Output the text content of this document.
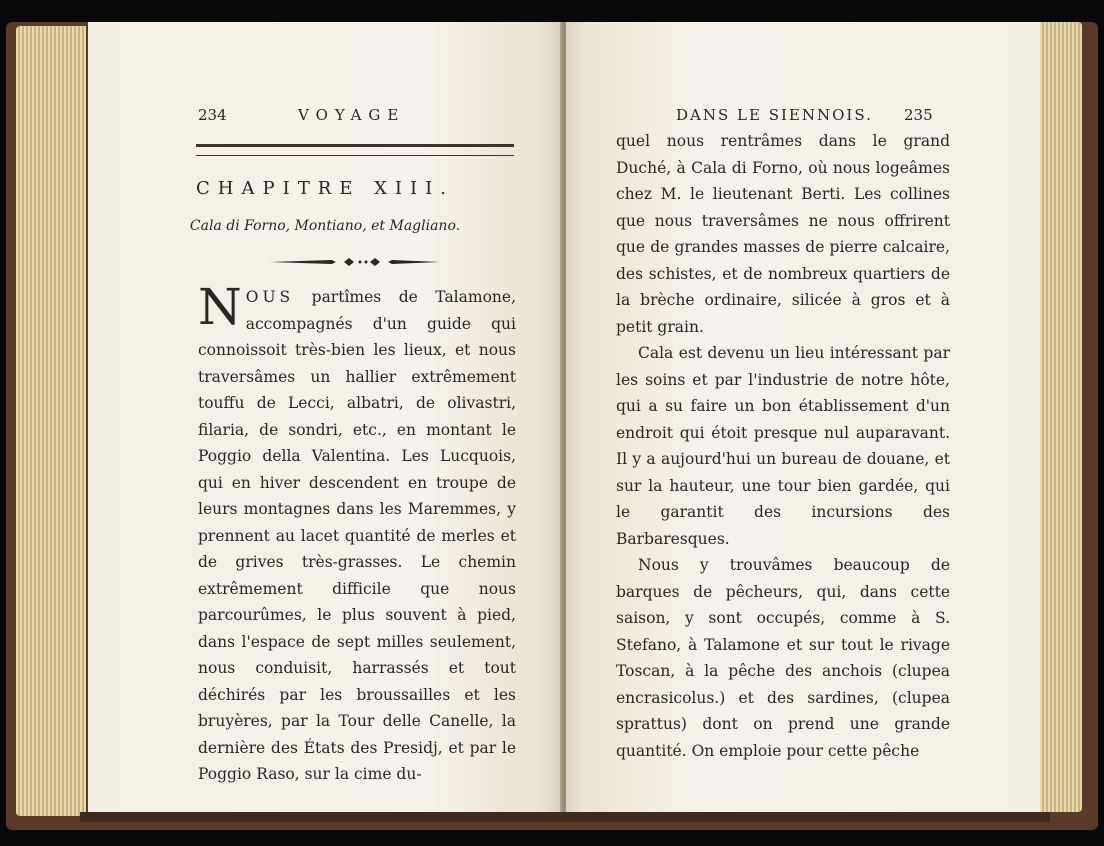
234	VOYAGE
CHAPITRE XIII.
Cala di Forno, Montiano, et Magliano.
NOUS partîmes de Talamone, accompagnés d'un guide qui connoissoit très-bien les lieux, et nous traversâmes un hallier extrêmement touffu de Lecci, albatri, de olivastri, filaria, de sondri, etc., en montant le Poggio della Valentina. Les Lucquois, qui en hiver descendent en troupe de leurs montagnes dans les Maremmes, y prennent au lacet quantité de merles et de grives très-grasses. Le chemin extrêmement difficile que nous parcourûmes, le plus souvent à pied, dans l'espace de sept milles seulement, nous conduisit, harrassés et tout déchirés par les broussailles et les bruyères, par la Tour delle Canelle, la dernière des États des Presidj, et par le Poggio Raso, sur la cime du-
DANS LE SIENNOIS. 235

quel nous rentrâmes dans le grand Duché, à Cala di Forno, où nous logeâmes chez M. le lieutenant Berti. Les collines que nous traversâmes ne nous offrirent que de grandes masses de pierre calcaire, des schistes, et de nombreux quartiers de la brèche ordinaire, silicée à gros et à petit grain.

Cala est devenu un lieu intéressant par les soins et par l'industrie de notre hôte, qui a su faire un bon établissement d'un endroit qui étoit presque nul auparavant. Il y a aujourd'hui un bureau de douane, et sur la hauteur, une tour bien gardée, qui le garantit des incursions des Barbaresques.

Nous y trouvâmes beaucoup de barques de pêcheurs, qui, dans cette saison, y sont occupés, comme à S. Stefano, à Talamone et sur tout le rivage Toscan, à la pêche des anchois (clupea encrasicolus.) et des sardines, (clupea sprattus) dont on prend une grande quantité. On emploie pour cette pêche
